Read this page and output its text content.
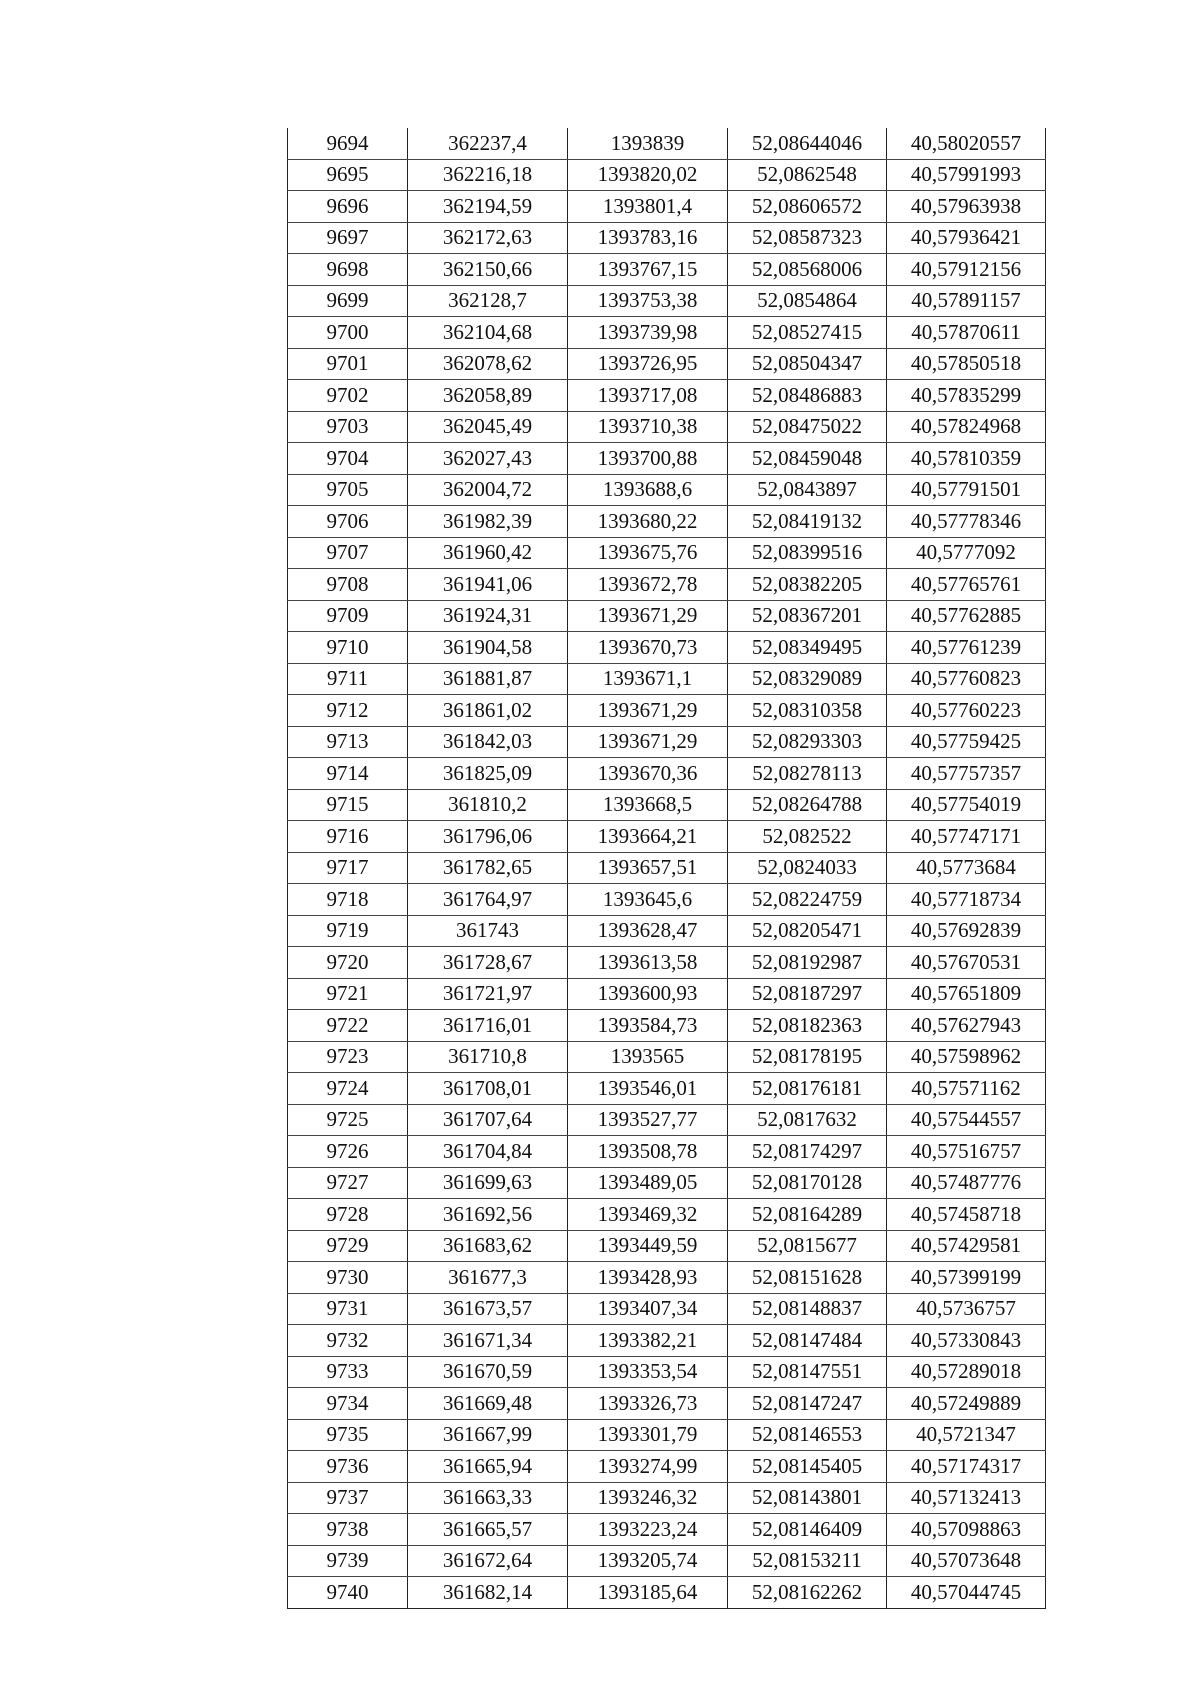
9694	362237,4	1393839	52,08644046	40,58020557
9695	362216,18	1393820,02	52,0862548	40,57991993
9696	362194,59	1393801,4	52,08606572	40,57963938
9697	362172,63	1393783,16	52,08587323	40,57936421
9698	362150,66	1393767,15	52,08568006	40,57912156
9699	362128,7	1393753,38	52,0854864	40,57891157
9700	362104,68	1393739,98	52,08527415	40,57870611
9701	362078,62	1393726,95	52,08504347	40,57850518
9702	362058,89	1393717,08	52,08486883	40,57835299
9703	362045,49	1393710,38	52,08475022	40,57824968
9704	362027,43	1393700,88	52,08459048	40,57810359
9705	362004,72	1393688,6	52,0843897	40,57791501
9706	361982,39	1393680,22	52,08419132	40,57778346
9707	361960,42	1393675,76	52,08399516	40,5777092
9708	361941,06	1393672,78	52,08382205	40,57765761
9709	361924,31	1393671,29	52,08367201	40,57762885
9710	361904,58	1393670,73	52,08349495	40,57761239
9711	361881,87	1393671,1	52,08329089	40,57760823
9712	361861,02	1393671,29	52,08310358	40,57760223
9713	361842,03	1393671,29	52,08293303	40,57759425
9714	361825,09	1393670,36	52,08278113	40,57757357
9715	361810,2	1393668,5	52,08264788	40,57754019
9716	361796,06	1393664,21	52,082522	40,57747171
9717	361782,65	1393657,51	52,0824033	40,5773684
9718	361764,97	1393645,6	52,08224759	40,57718734
9719	361743	1393628,47	52,08205471	40,57692839
9720	361728,67	1393613,58	52,08192987	40,57670531
9721	361721,97	1393600,93	52,08187297	40,57651809
9722	361716,01	1393584,73	52,08182363	40,57627943
9723	361710,8	1393565	52,08178195	40,57598962
9724	361708,01	1393546,01	52,08176181	40,57571162
9725	361707,64	1393527,77	52,0817632	40,57544557
9726	361704,84	1393508,78	52,08174297	40,57516757
9727	361699,63	1393489,05	52,08170128	40,57487776
9728	361692,56	1393469,32	52,08164289	40,57458718
9729	361683,62	1393449,59	52,0815677	40,57429581
9730	361677,3	1393428,93	52,08151628	40,57399199
9731	361673,57	1393407,34	52,08148837	40,5736757
9732	361671,34	1393382,21	52,08147484	40,57330843
9733	361670,59	1393353,54	52,08147551	40,57289018
9734	361669,48	1393326,73	52,08147247	40,57249889
9735	361667,99	1393301,79	52,08146553	40,5721347
9736	361665,94	1393274,99	52,08145405	40,57174317
9737	361663,33	1393246,32	52,08143801	40,57132413
9738	361665,57	1393223,24	52,08146409	40,57098863
9739	361672,64	1393205,74	52,08153211	40,57073648
9740	361682,14	1393185,64	52,08162262	40,57044745
